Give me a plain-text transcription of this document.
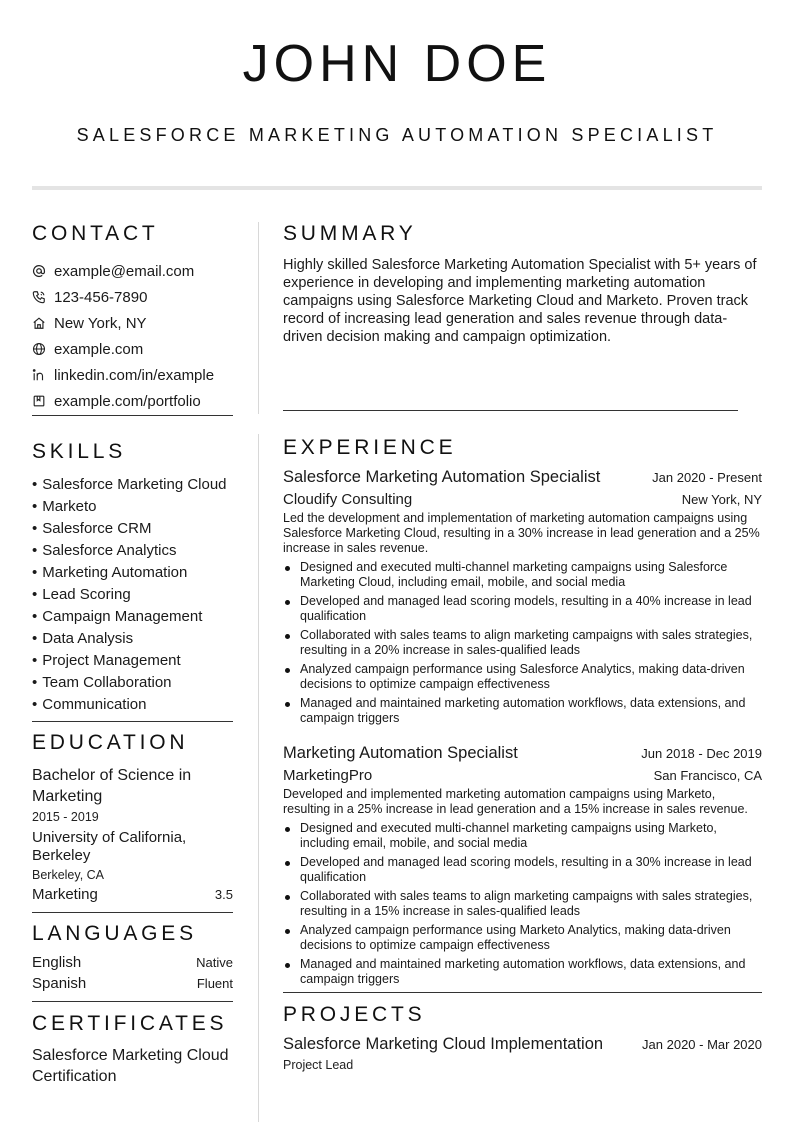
JOHN DOE
SALESFORCE MARKETING AUTOMATION SPECIALIST
CONTACT
example@email.com
123-456-7890
New York, NY
example.com
linkedin.com/in/example
example.com/portfolio
SKILLS
• Salesforce Marketing Cloud
• Marketo
• Salesforce CRM
• Salesforce Analytics
• Marketing Automation
• Lead Scoring
• Campaign Management
• Data Analysis
• Project Management
• Team Collaboration
• Communication
EDUCATION
Bachelor of Science in Marketing
2015 - 2019
University of California, Berkeley
Berkeley, CA
Marketing	3.5
LANGUAGES
English	Native
Spanish	Fluent
CERTIFICATES
Salesforce Marketing Cloud Certification
SUMMARY
Highly skilled Salesforce Marketing Automation Specialist with 5+ years of experience in developing and implementing marketing automation campaigns using Salesforce Marketing Cloud and Marketo. Proven track record of increasing lead generation and sales revenue through data-driven decision making and campaign optimization.
EXPERIENCE
Salesforce Marketing Automation Specialist	Jan 2020 - Present
Cloudify Consulting	New York, NY
Led the development and implementation of marketing automation campaigns using Salesforce Marketing Cloud, resulting in a 30% increase in lead generation and a 25% increase in sales revenue.
Designed and executed multi-channel marketing campaigns using Salesforce Marketing Cloud, including email, mobile, and social media
Developed and managed lead scoring models, resulting in a 40% increase in lead qualification
Collaborated with sales teams to align marketing campaigns with sales strategies, resulting in a 20% increase in sales-qualified leads
Analyzed campaign performance using Salesforce Analytics, making data-driven decisions to optimize campaign effectiveness
Managed and maintained marketing automation workflows, data extensions, and campaign triggers
Marketing Automation Specialist	Jun 2018 - Dec 2019
MarketingPro	San Francisco, CA
Developed and implemented marketing automation campaigns using Marketo, resulting in a 25% increase in lead generation and a 15% increase in sales revenue.
Designed and executed multi-channel marketing campaigns using Marketo, including email, mobile, and social media
Developed and managed lead scoring models, resulting in a 30% increase in lead qualification
Collaborated with sales teams to align marketing campaigns with sales strategies, resulting in a 15% increase in sales-qualified leads
Analyzed campaign performance using Marketo Analytics, making data-driven decisions to optimize campaign effectiveness
Managed and maintained marketing automation workflows, data extensions, and campaign triggers
PROJECTS
Salesforce Marketing Cloud Implementation	Jan 2020 - Mar 2020
Project Lead
